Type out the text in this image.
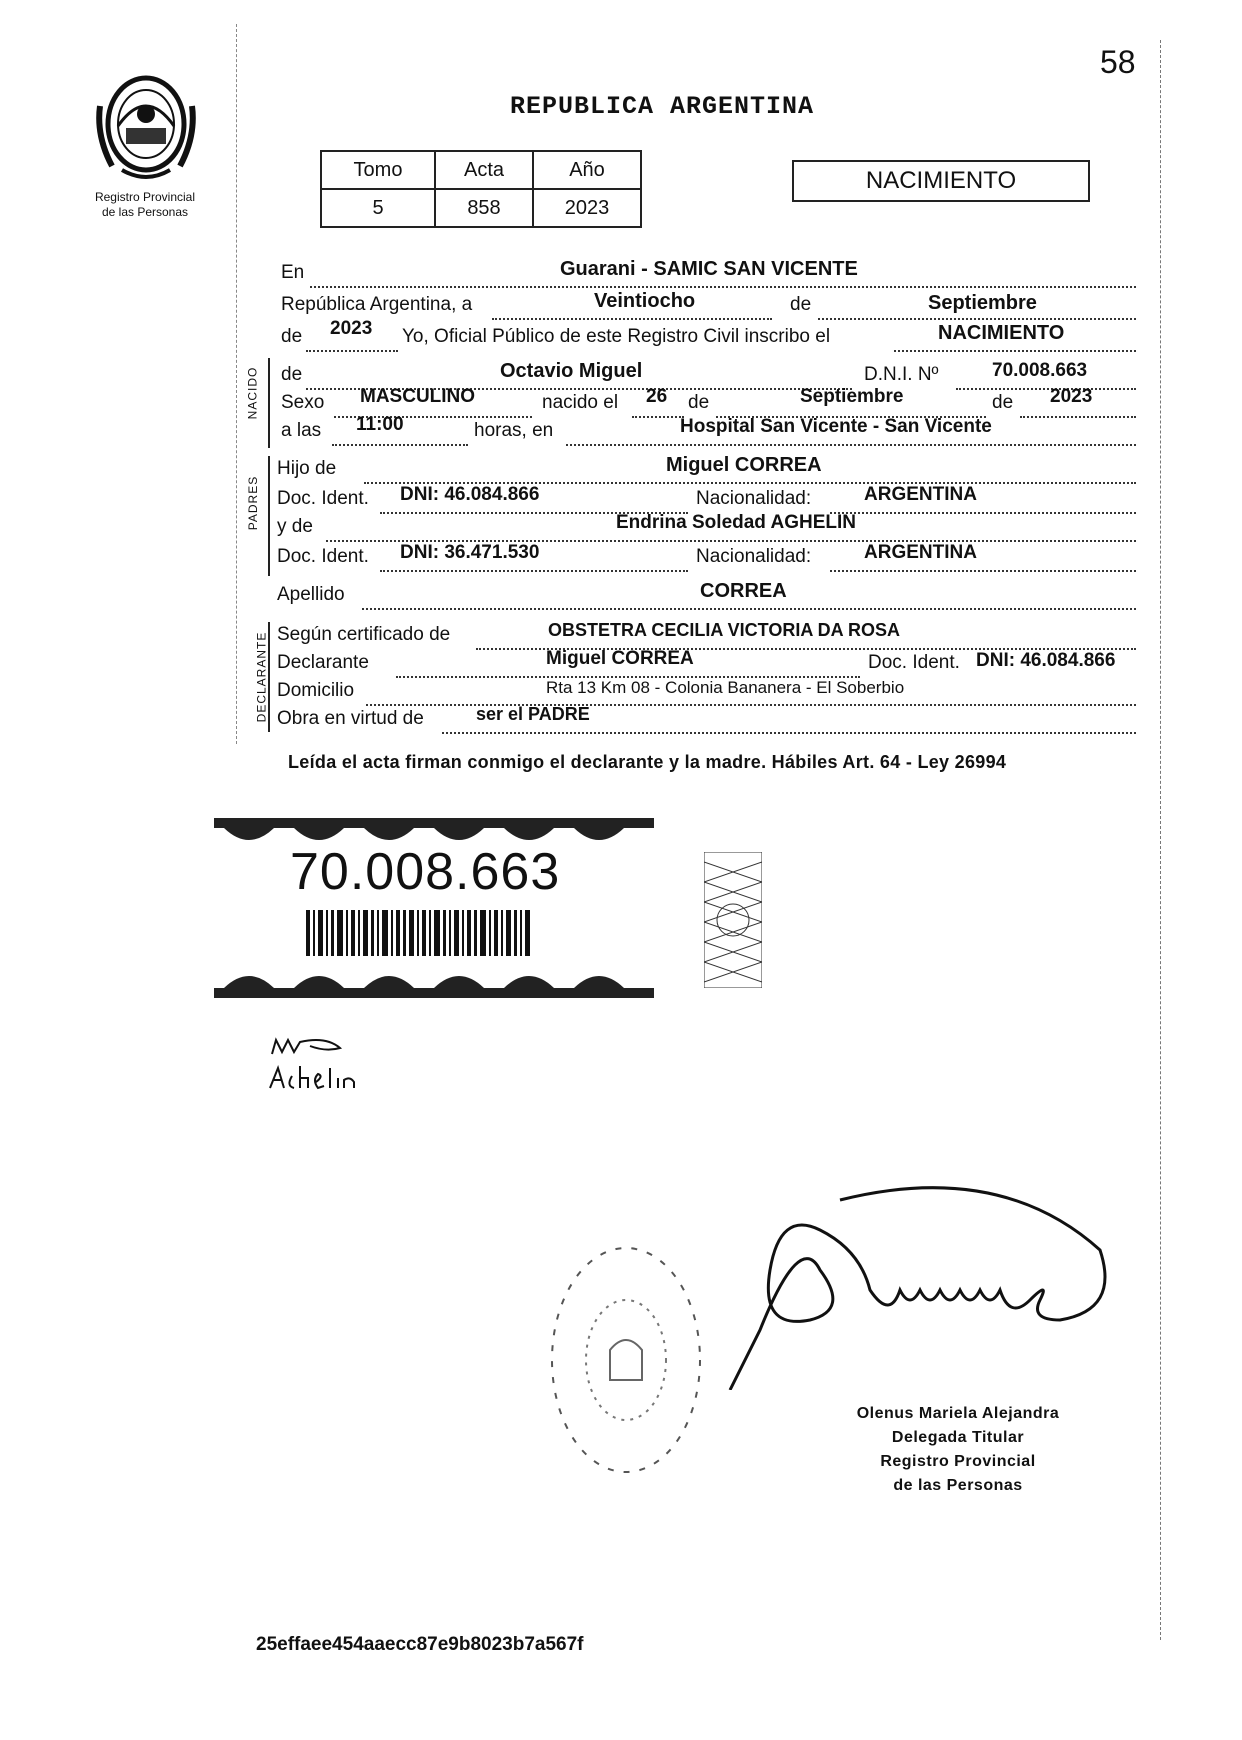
58
Registro Provincial
de las Personas
REPUBLICA ARGENTINA
Tomo	Acta	Año
5	858	2023
NACIMIENTO
En	Guarani - SAMIC SAN VICENTE
República Argentina, a	Veintiocho	de	Septiembre
de 2023 Yo, Oficial Público de este Registro Civil inscribo el	NACIMIENTO
NACIDO
PADRES
DECLARANTE
de	Octavio Miguel	D.N.I. Nº	70.008.663
Sexo MASCULINO	nacido el 26 de	Septiembre	de 2023
a las 11:00	horas, en	Hospital San Vicente - San Vicente
Hijo de	Miguel CORREA
Doc. Ident. DNI: 46.084.866	Nacionalidad:	ARGENTINA
y de	Endrina Soledad AGHELIN
Doc. Ident. DNI: 36.471.530	Nacionalidad:	ARGENTINA
Apellido	CORREA
Según certificado de	OBSTETRA CECILIA VICTORIA DA ROSA
Declarante	Miguel CORREA	Doc. Ident. DNI: 46.084.866
Domicilio	Rta 13 Km 08 - Colonia Bananera - El Soberbio
Obra en virtud de	ser el PADRE
Leída el acta firman conmigo el declarante y la madre. Hábiles Art. 64 - Ley 26994
70.008.663
Olenus Mariela Alejandra
Delegada Titular
Registro Provincial
de las Personas
25effaee454aaecc87e9b8023b7a567f
